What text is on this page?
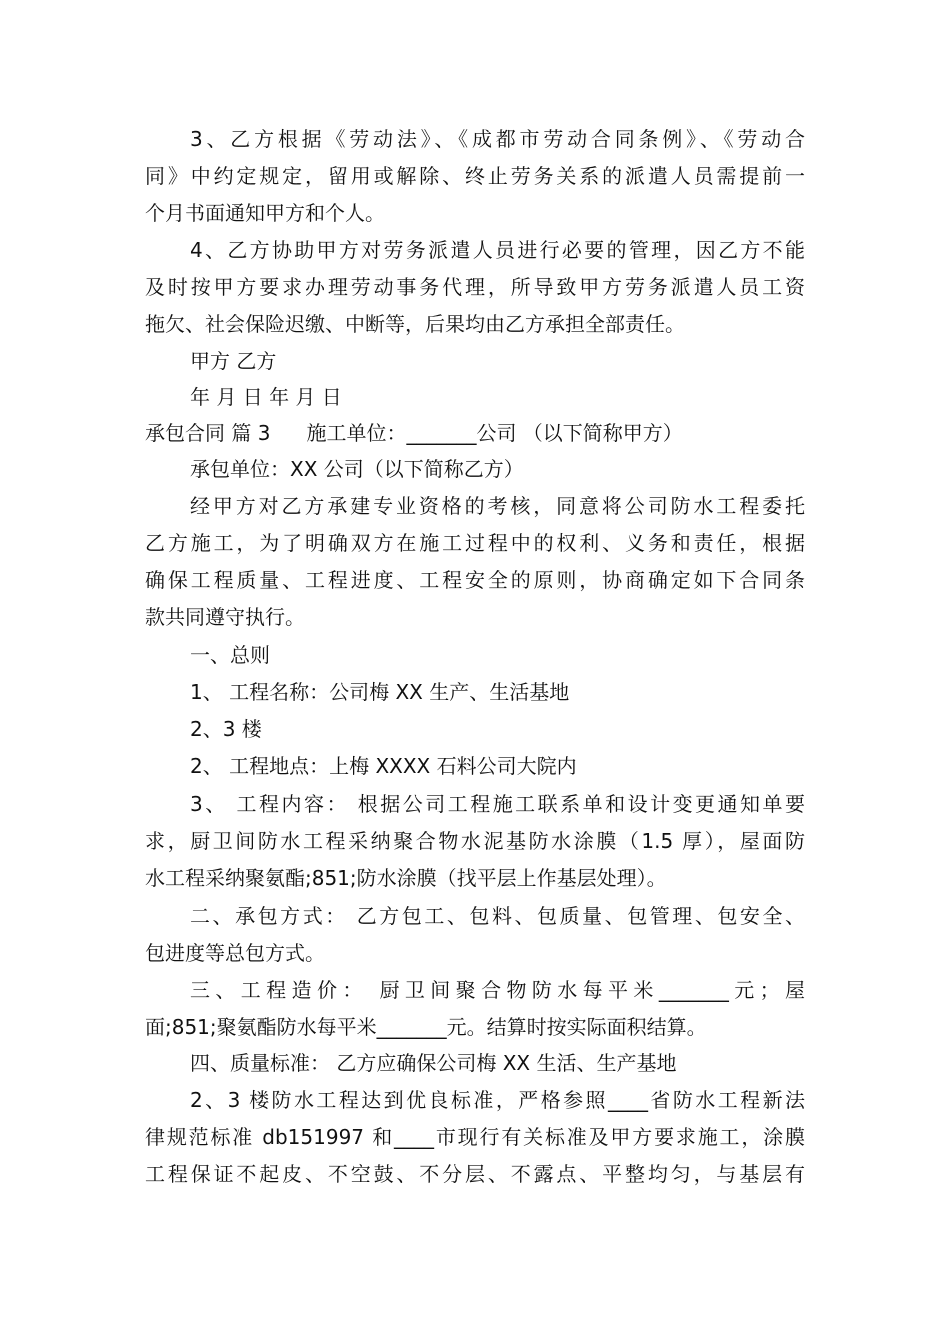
3、乙方根据《劳动法》、《成都市劳动合同条例》、《劳动合
同》中约定规定，留用或解除、终止劳务关系的派遣人员需提前一
个月书面通知甲方和个人。
4、乙方协助甲方对劳务派遣人员进行必要的管理，因乙方不能
及时按甲方要求办理劳动事务代理，所导致甲方劳务派遣人员工资
拖欠、社会保险迟缴、中断等，后果均由乙方承担全部责任。
甲方 乙方
年 月 日 年 月 日
承包合同 篇 3 施工单位：_______公司 （以下简称甲方）
承包单位：XX 公司（以下简称乙方）
经甲方对乙方承建专业资格的考核，同意将公司防水工程委托
乙方施工，为了明确双方在施工过程中的权利、义务和责任，根据
确保工程质量、工程进度、工程安全的原则，协商确定如下合同条
款共同遵守执行。
一、总则
1、 工程名称：公司梅 XX 生产、生活基地
2、3 楼
2、 工程地点：上梅 XXXX 石料公司大院内
3、 工程内容： 根据公司工程施工联系单和设计变更通知单要
求，厨卫间防水工程采纳聚合物水泥基防水涂膜（1.5 厚），屋面防
水工程采纳聚氨酯;851;防水涂膜（找平层上作基层处理）。
二、承包方式： 乙方包工、包料、包质量、包管理、包安全、
包进度等总包方式。
三、工程造价： 厨卫间聚合物防水每平米_______元；屋
面;851;聚氨酯防水每平米_______元。结算时按实际面积结算。
四、质量标准： 乙方应确保公司梅 XX 生活、生产基地
2、3 楼防水工程达到优良标准，严格参照____省防水工程新法
律规范标准 db151997 和____市现行有关标准及甲方要求施工，涂膜
工程保证不起皮、不空鼓、不分层、不露点、平整均匀，与基层有
